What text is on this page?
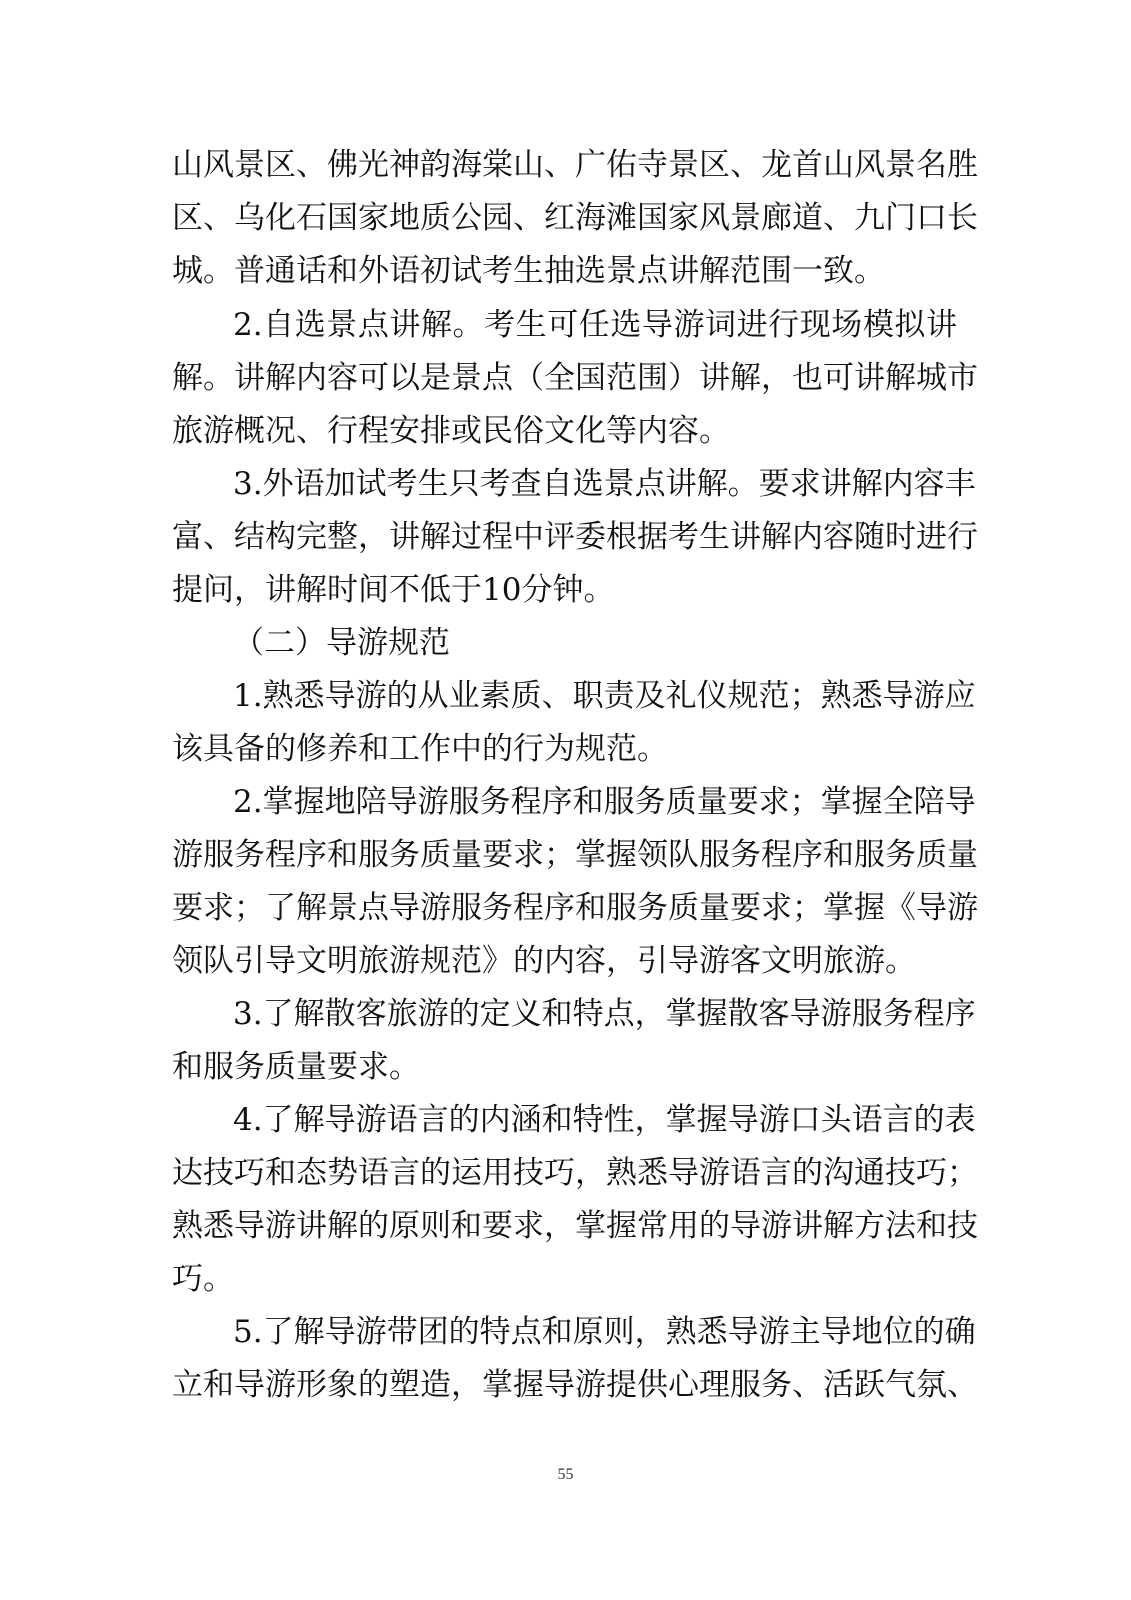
山风景区、佛光神韵海棠山、广佑寺景区、龙首山风景名胜
区、乌化石国家地质公园、红海滩国家风景廊道、九门口长
城。普通话和外语初试考生抽选景点讲解范围一致。
2.自选景点讲解。考生可任选导游词进行现场模拟讲
解。讲解内容可以是景点（全国范围）讲解，也可讲解城市
旅游概况、行程安排或民俗文化等内容。
3.外语加试考生只考查自选景点讲解。要求讲解内容丰
富、结构完整，讲解过程中评委根据考生讲解内容随时进行
提问，讲解时间不低于10分钟。
（二）导游规范
1.熟悉导游的从业素质、职责及礼仪规范；熟悉导游应
该具备的修养和工作中的行为规范。
2.掌握地陪导游服务程序和服务质量要求；掌握全陪导
游服务程序和服务质量要求；掌握领队服务程序和服务质量
要求；了解景点导游服务程序和服务质量要求；掌握《导游
领队引导文明旅游规范》的内容，引导游客文明旅游。
3.了解散客旅游的定义和特点，掌握散客导游服务程序
和服务质量要求。
4.了解导游语言的内涵和特性，掌握导游口头语言的表
达技巧和态势语言的运用技巧，熟悉导游语言的沟通技巧；
熟悉导游讲解的原则和要求，掌握常用的导游讲解方法和技
巧。
5.了解导游带团的特点和原则，熟悉导游主导地位的确
立和导游形象的塑造，掌握导游提供心理服务、活跃气氛、
55
